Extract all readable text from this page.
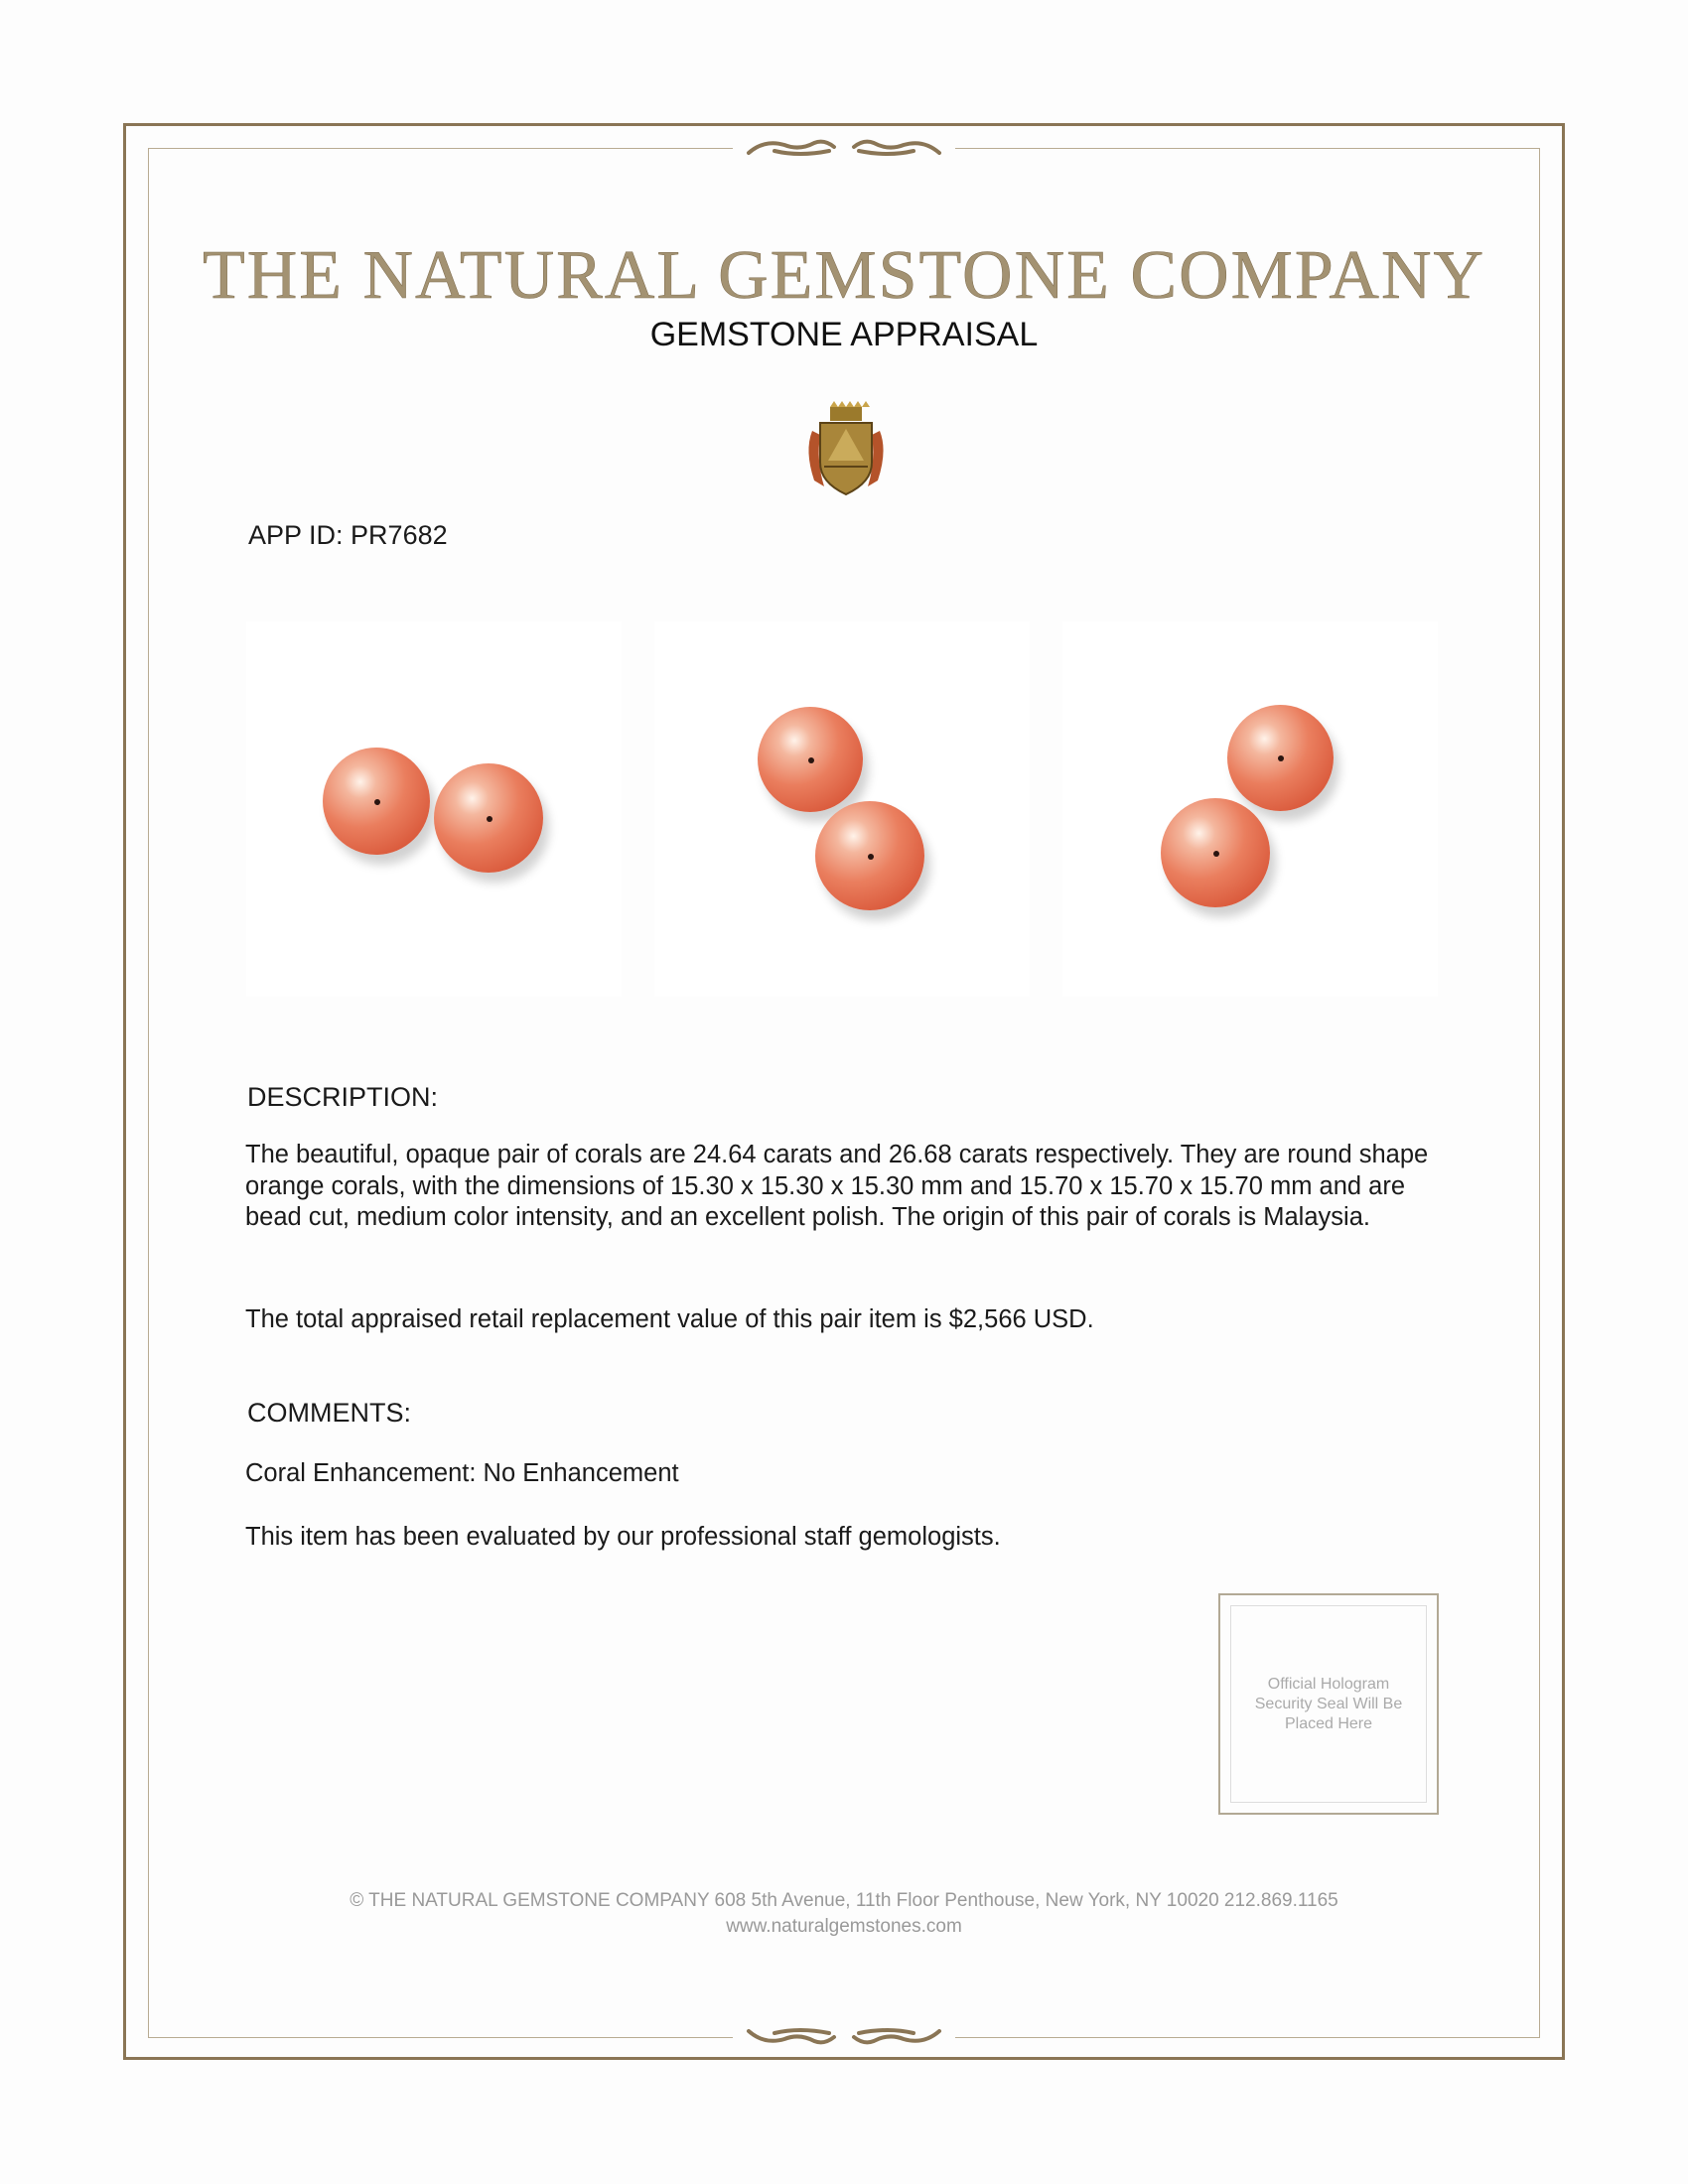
THE NATURAL GEMSTONE COMPANY
GEMSTONE APPRAISAL
APP ID: PR7682
DESCRIPTION:
The beautiful, opaque pair of corals are 24.64 carats and 26.68 carats respectively. They are round shape orange corals, with the dimensions of 15.30 x 15.30 x 15.30 mm and 15.70 x 15.70 x 15.70 mm and are bead cut, medium color intensity, and an excellent polish. The origin of this pair of corals is Malaysia.
The total appraised retail replacement value of this pair item is $2,566 USD.
COMMENTS:
Coral Enhancement: No Enhancement
This item has been evaluated by our professional staff gemologists.
Official Hologram Security Seal Will Be Placed Here
© THE NATURAL GEMSTONE COMPANY 608 5th Avenue, 11th Floor Penthouse, New York, NY 10020 212.869.1165
www.naturalgemstones.com
